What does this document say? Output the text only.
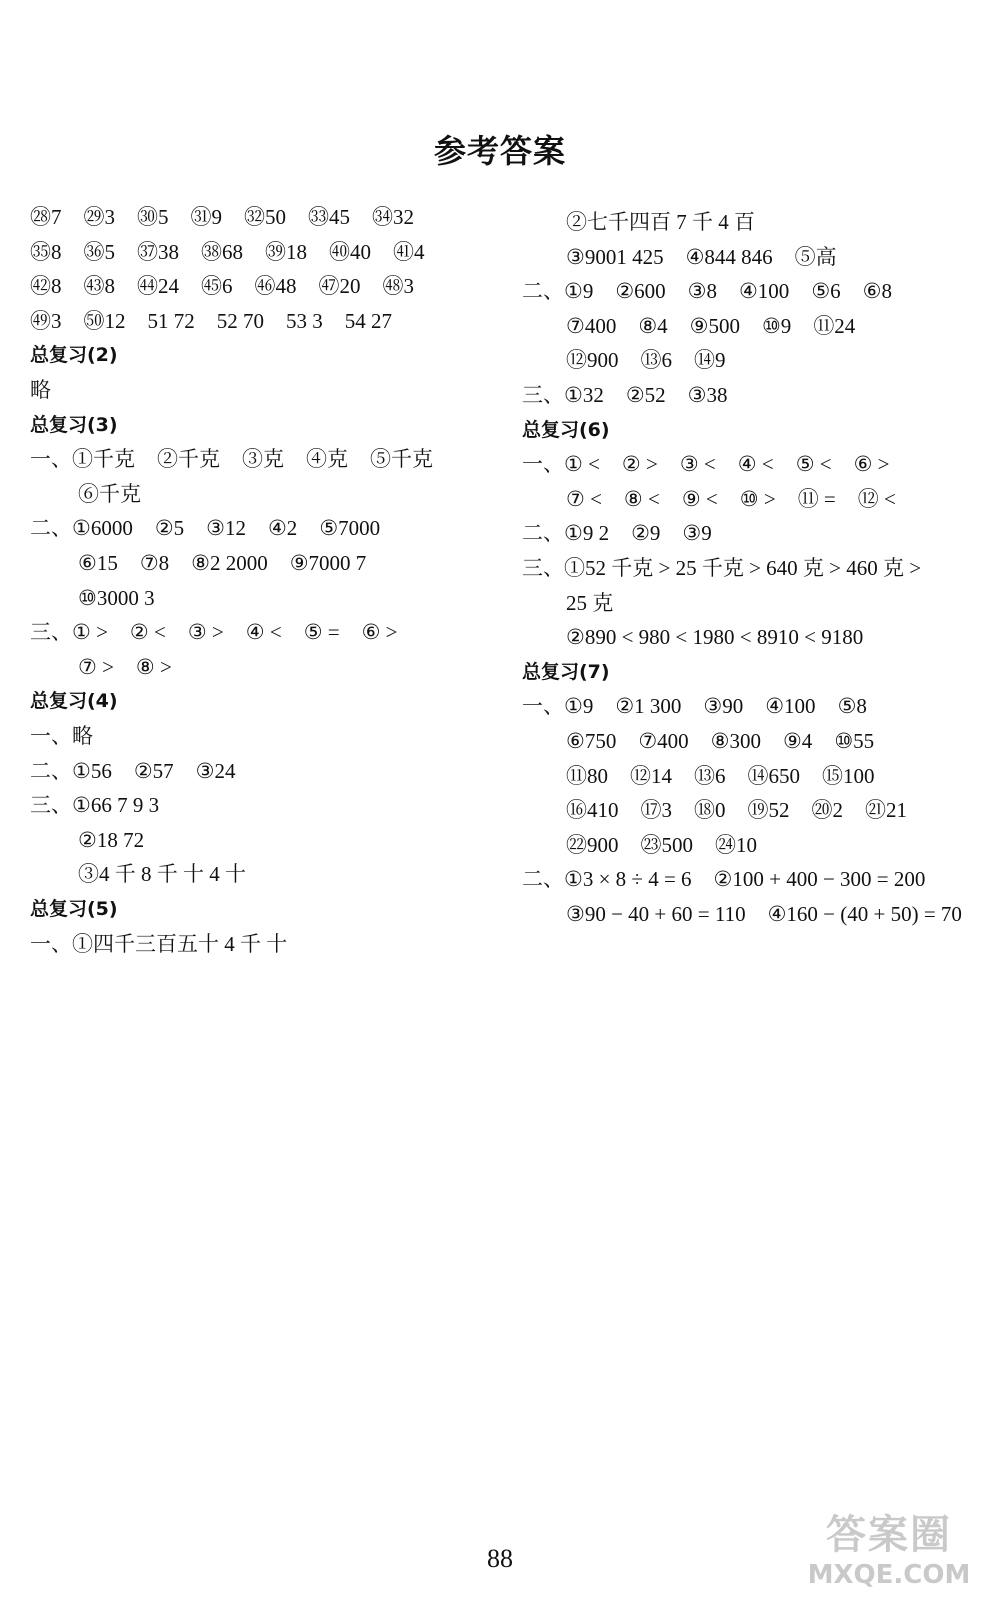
参考答案
㉘7 ㉙3 ㉚5 ㉛9 ㉜50 ㉝45 ㉞32
㉟8 ㊱5 ㊲38 ㊳68 ㊴18 ㊵40 ㊶4
㊷8 ㊸8 ㊹24 ㊺6 ㊻48 ㊼20 ㊽3
㊾3 ㊿12 51 72 52 70 53 3 54 27
总复习(2)
略
总复习(3)
一、①千克 ②千克 ③克 ④克 ⑤千克
⑥千克
二、①6000 ②5 ③12 ④2 ⑤7000
⑥15 ⑦8 ⑧2 2000 ⑨7000 7
⑩3000 3
三、① > ② < ③ > ④ < ⑤ = ⑥ >
⑦ > ⑧ >
总复习(4)
一、略
二、①56 ②57 ③24
三、①66 7 9 3
②18 72
③4 千 8 千 十 4 十
总复习(5)
一、①四千三百五十 4 千 十
②七千四百 7 千 4 百
③9001 425 ④844 846 ⑤高
二、①9 ②600 ③8 ④100 ⑤6 ⑥8
⑦400 ⑧4 ⑨500 ⑩9 ⑪24
⑫900 ⑬6 ⑭9
三、①32 ②52 ③38
总复习(6)
一、① < ② > ③ < ④ < ⑤ < ⑥ >
⑦ < ⑧ < ⑨ < ⑩ > ⑪ = ⑫ <
二、①9 2 ②9 ③9
三、①52 千克 > 25 千克 > 640 克 > 460 克 >
25 克
②890 < 980 < 1980 < 8910 < 9180
总复习(7)
一、①9 ②1 300 ③90 ④100 ⑤8
⑥750 ⑦400 ⑧300 ⑨4 ⑩55
⑪80 ⑫14 ⑬6 ⑭650 ⑮100
⑯410 ⑰3 ⑱0 ⑲52 ⑳2 ㉑21
㉒900 ㉓500 ㉔10
二、①3 × 8 ÷ 4 = 6 ②100 + 400 − 300 = 200
③90 − 40 + 60 = 110 ④160 − (40 + 50) = 70
88
答案圈
MXQE.COM
